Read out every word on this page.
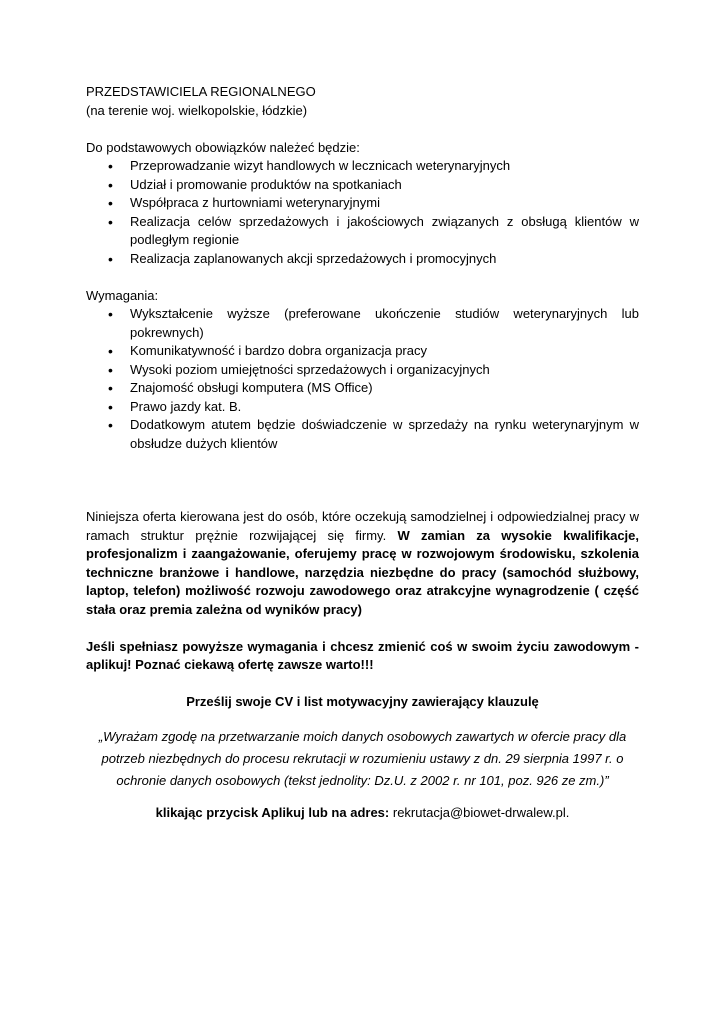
PRZEDSTAWICIELA REGIONALNEGO

(na terenie woj. wielkopolskie, łódzkie)

Do podstawowych obowiązków należeć będzie:

• Przeprowadzanie wizyt handlowych w lecznicach weterynaryjnych
• Udział i promowanie produktów na spotkaniach
• Współpraca z hurtowniami weterynaryjnymi
• Realizacja celów sprzedażowych i jakościowych związanych z obsługą klientów w podległym regionie
• Realizacja zaplanowanych akcji sprzedażowych i promocyjnych

Wymagania:

• Wykształcenie wyższe (preferowane ukończenie studiów weterynaryjnych lub pokrewnych)
• Komunikatywność i bardzo dobra organizacja pracy
• Wysoki poziom umiejętności sprzedażowych i organizacyjnych
• Znajomość obsługi komputera (MS Office)
• Prawo jazdy kat. B.
• Dodatkowym atutem będzie doświadczenie w sprzedaży na rynku weterynaryjnym w obsłudze dużych klientów

Niniejsza oferta kierowana jest do osób, które oczekują samodzielnej i odpowiedzialnej pracy w ramach struktur prężnie rozwijającej się firmy. W zamian za wysokie kwalifikacje, profesjonalizm i zaangażowanie, oferujemy pracę w rozwojowym środowisku, szkolenia techniczne branżowe i handlowe, narzędzia niezbędne do pracy (samochód służbowy, laptop, telefon) możliwość rozwoju zawodowego oraz atrakcyjne wynagrodzenie ( część stała oraz premia zależna od wyników pracy)

Jeśli spełniasz powyższe wymagania i chcesz zmienić coś w swoim życiu zawodowym - aplikuj! Poznać ciekawą ofertę zawsze warto!!!

Prześlij swoje CV i list motywacyjny zawierający klauzulę

„Wyrażam zgodę na przetwarzanie moich danych osobowych zawartych w ofercie pracy dla potrzeb niezbędnych do procesu rekrutacji w rozumieniu ustawy z dn. 29 sierpnia 1997 r. o ochronie danych osobowych (tekst jednolity: Dz.U. z 2002 r. nr 101, poz. 926 ze zm.)”

klikając przycisk Aplikuj lub na adres: rekrutacja@biowet-drwalew.pl.
